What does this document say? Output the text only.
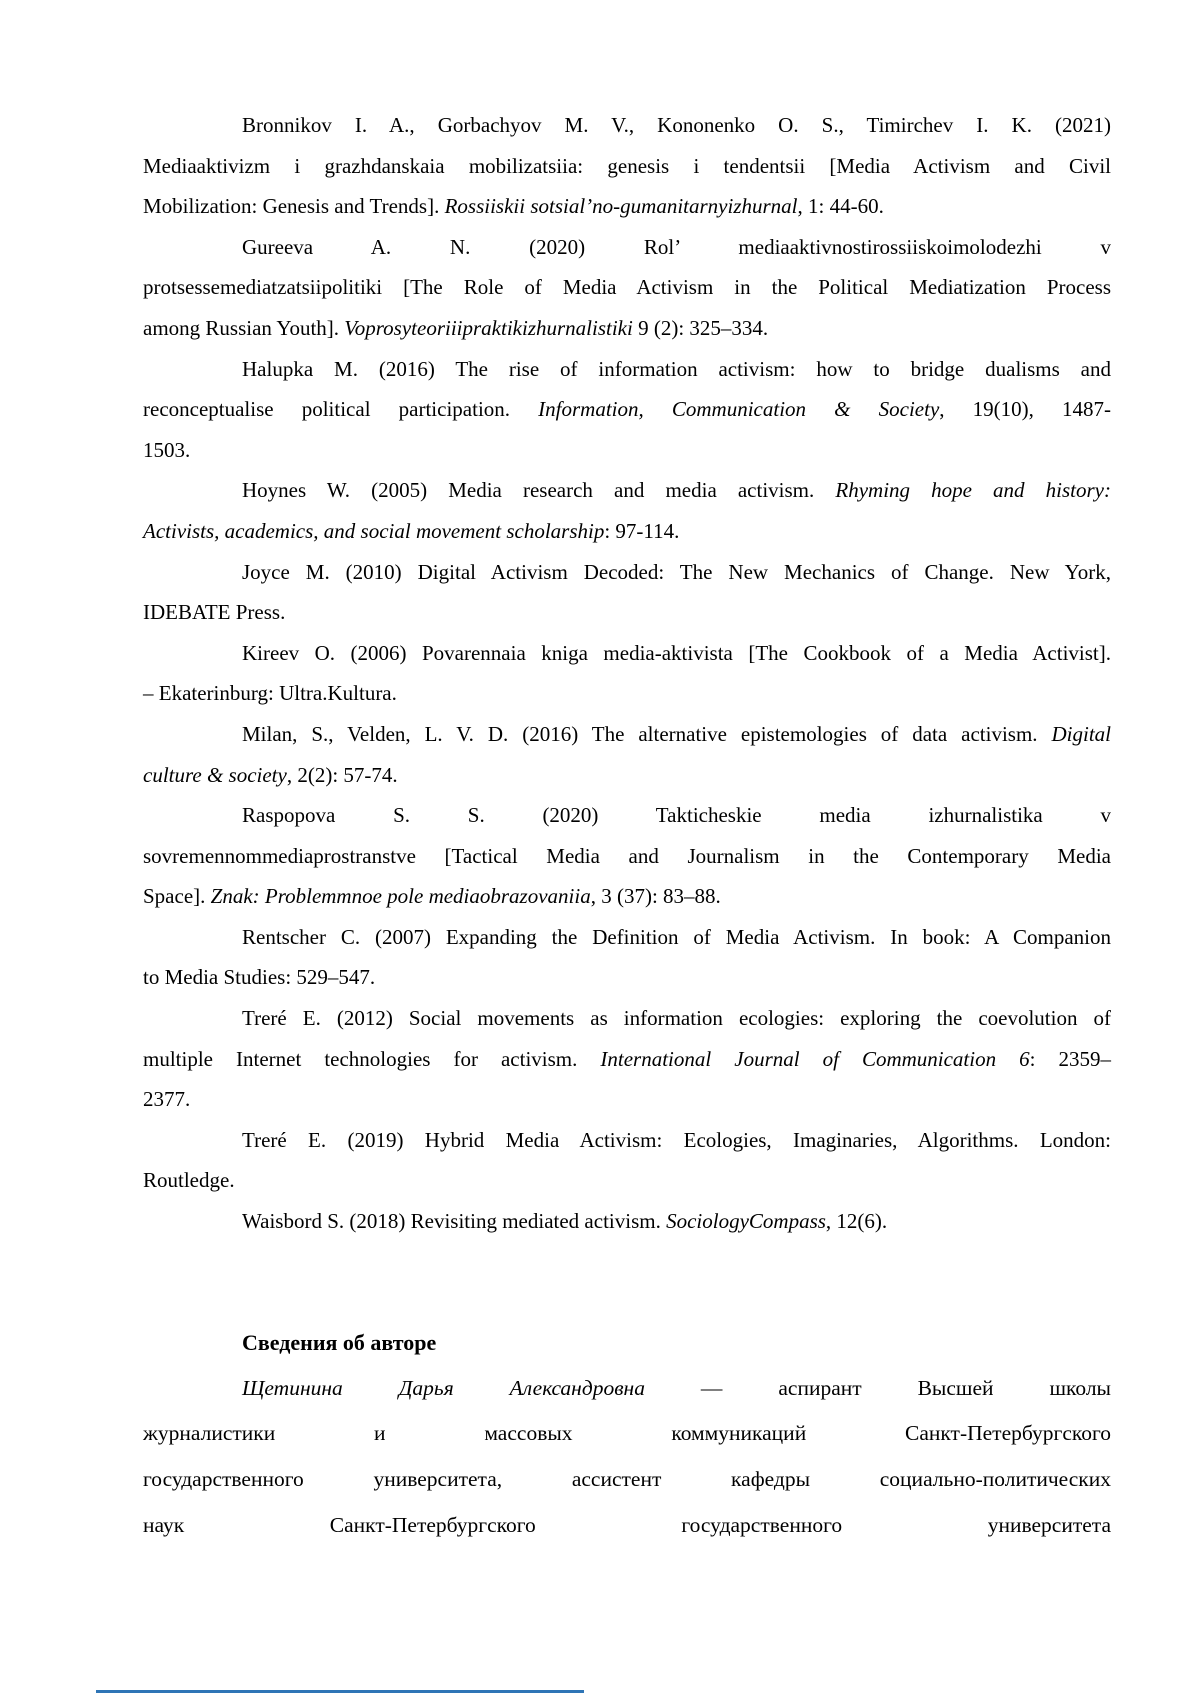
Bronnikov I. A., Gorbachyov M. V., Kononenko O. S., Timirchev I. K. (2021)
Mediaaktivizm i grazhdanskaia mobilizatsiia: genesis i tendentsii [Media Activism and Civil
Mobilization: Genesis and Trends]. Rossiiskii sotsial’no-gumanitarnyizhurnal, 1: 44-60.
Gureeva A. N. (2020) Rol’ mediaaktivnostirossiiskoimolodezhi v
protsessemediatzatsiipolitiki [The Role of Media Activism in the Political Mediatization Process
among Russian Youth]. Voprosyteoriiipraktikizhurnalistiki 9 (2): 325–334.
Halupka M. (2016) The rise of information activism: how to bridge dualisms and
reconceptualise political participation. Information, Communication & Society, 19(10), 1487-
1503.
Hoynes W. (2005) Media research and media activism. Rhyming hope and history:
Activists, academics, and social movement scholarship: 97-114.
Joyce M. (2010) Digital Activism Decoded: The New Mechanics of Change. New York,
IDEBATE Press.
Kireev O. (2006) Povarennaia kniga media-aktivista [The Cookbook of a Media Activist].
– Ekaterinburg: Ultra.Kultura.
Milan, S., Velden, L. V. D. (2016) The alternative epistemologies of data activism. Digital
culture & society, 2(2): 57-74.
Raspopova S. S. (2020) Takticheskie media izhurnalistika v
sovremennommediaprostranstve [Tactical Media and Journalism in the Contemporary Media
Space]. Znak: Problemmnoe pole mediaobrazovaniia, 3 (37): 83–88.
Rentscher C. (2007) Expanding the Definition of Media Activism. In book: A Companion
to Media Studies: 529–547.
Treré E. (2012) Social movements as information ecologies: exploring the coevolution of
multiple Internet technologies for activism. International Journal of Communication 6: 2359–
2377.
Treré E. (2019) Hybrid Media Activism: Ecologies, Imaginaries, Algorithms. London:
Routledge.
Waisbord S. (2018) Revisiting mediated activism. SociologyCompass, 12(6).
Сведения об авторе
Щетинина Дарья Александровна — аспирант Высшей школы
журналистики и массовых коммуникаций Санкт-Петербургского
государственного университета, ассистент кафедры социально-политических
наук Санкт-Петербургского государственного университета
